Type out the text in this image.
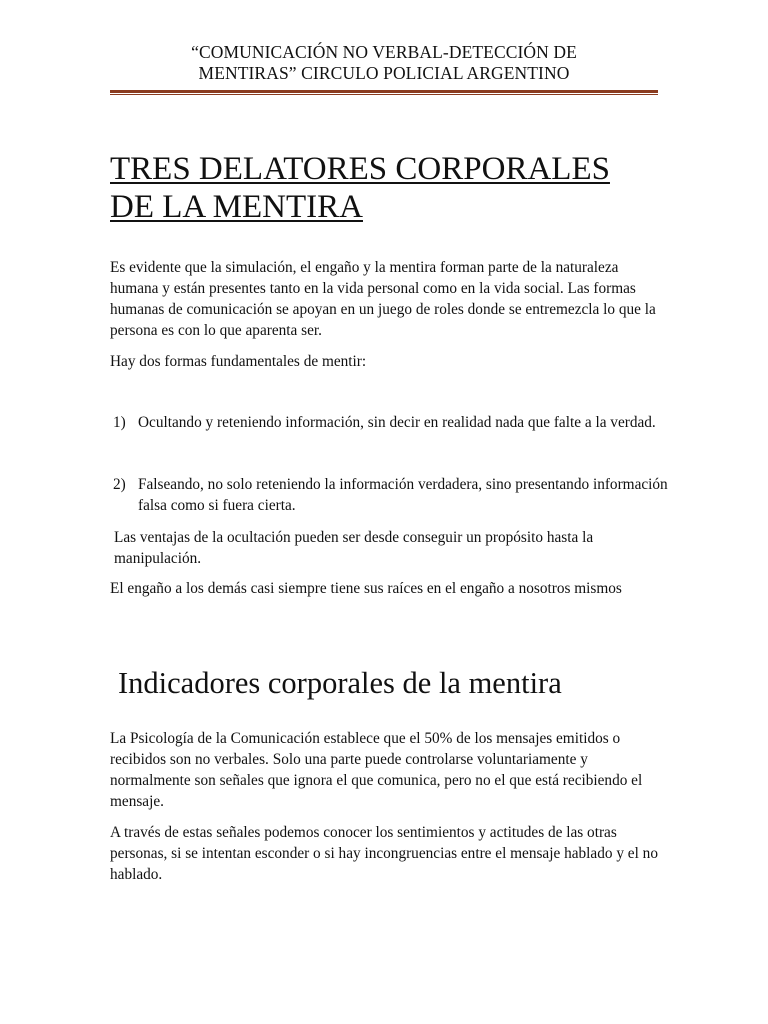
“COMUNICACIÓN NO VERBAL-DETECCIÓN DE
MENTIRAS” CIRCULO POLICIAL ARGENTINO
TRES DELATORES CORPORALES
DE LA MENTIRA

Es evidente que la simulación, el engaño y la mentira forman parte de la naturaleza humana y están presentes tanto en la vida personal como en la vida social. Las formas humanas de comunicación se apoyan en un juego de roles donde se entremezcla lo que la persona es con lo que aparenta ser.

Hay dos formas fundamentales de mentir:

1) Ocultando y reteniendo información, sin decir en realidad nada que falte a la verdad.

2) Falseando, no solo reteniendo la información verdadera, sino presentando información falsa como si fuera cierta.

Las ventajas de la ocultación pueden ser desde conseguir un propósito hasta la manipulación.

El engaño a los demás casi siempre tiene sus raíces en el engaño a nosotros mismos

Indicadores corporales de la mentira

La Psicología de la Comunicación establece que el 50% de los mensajes emitidos o recibidos son no verbales. Solo una parte puede controlarse voluntariamente y normalmente son señales que ignora el que comunica, pero no el que está recibiendo el mensaje.

A través de estas señales podemos conocer los sentimientos y actitudes de las otras personas, si se intentan esconder o si hay incongruencias entre el mensaje hablado y el no hablado.
